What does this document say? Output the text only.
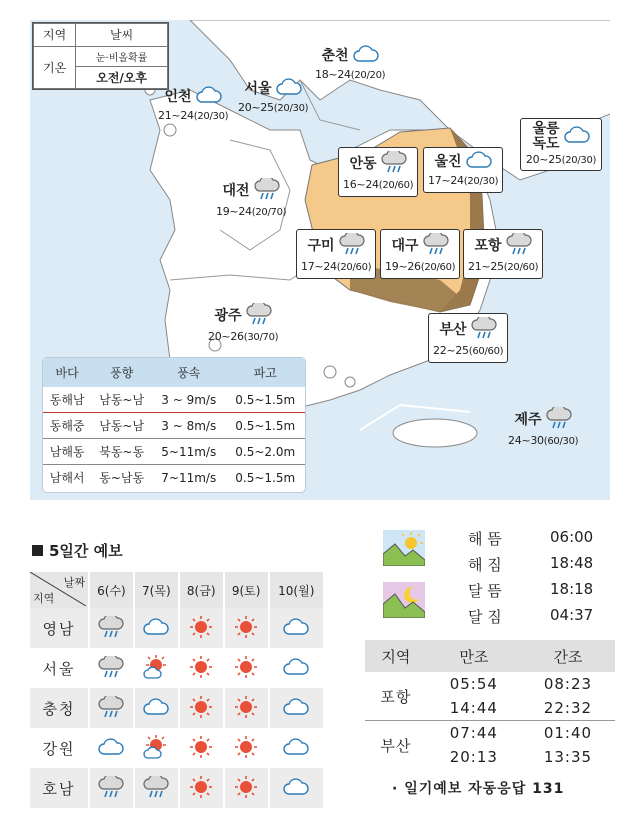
지역	날씨
기온	눈·비올확률
	오전/오후
춘천
18~24(20/20)
인천
21~24(20/30)
서울
20~25(20/30)
울릉
독도
20~25(20/30)
안동
16~24(20/60)
울진
17~24(20/30)
대전
19~24(20/70)
구미
17~24(20/60)
대구
19~26(20/60)
포항
21~25(20/60)
광주
20~26(30/70)	부산
22~25(60/60)
제주
24~30(60/30)
바다	풍향	풍속	파고
동해남	남동~남	3 ~ 9m/s	0.5~1.5m
동해중	남동~남	3 ~ 8m/s	0.5~1.5m
남해동	북동~동	5~11m/s	0.5~2.0m
남해서	동~남동	7~11m/s	0.5~1.5m
5일간 예보
날짜
지역	6(수)	7(목)	8(금)	9(토)	10(월)
영남					
서울					
충청					
강원					
호남					
해 뜸	06:00
해 짐	18:48
달 뜸	18:18
달 짐	04:37
지역	만조	간조
포항	05:54	08:23
	14:44	22:32
부산	07:44	01:40
	20:13	13:35
· 일기예보 자동응답 131
